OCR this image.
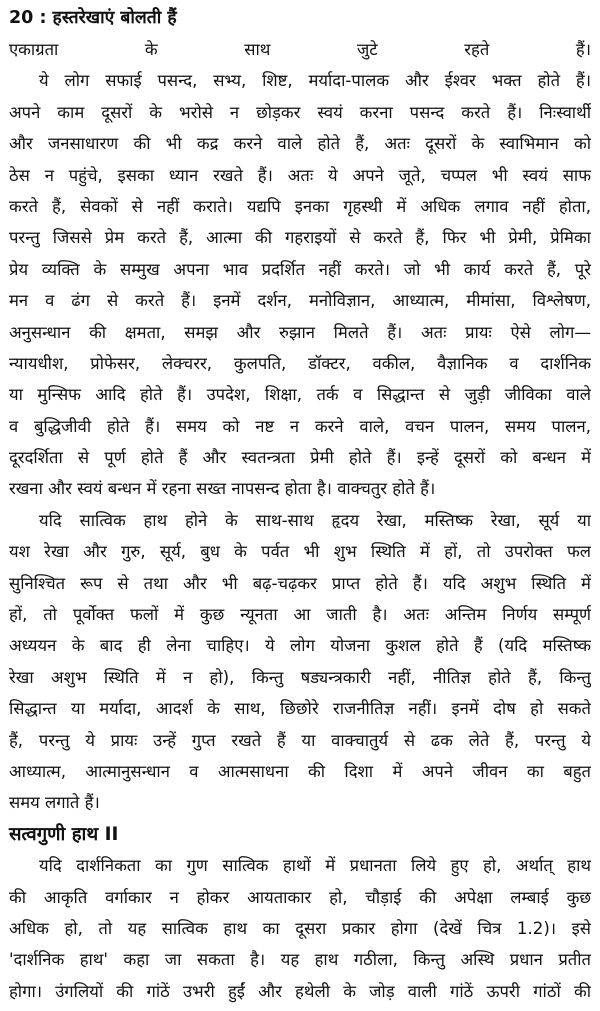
20 : हस्तरेखाएं बोलती हैं
एकाग्रता के साथ जुटे रहते हैं।
ये लोग सफाई पसन्द, सभ्य, शिष्ट, मर्यादा-पालक और ईश्वर भक्त होते हैं।
अपने काम दूसरों के भरोसे न छोड़कर स्वयं करना पसन्द करते हैं। निःस्वार्थी
और जनसाधारण की भी कद्र करने वाले होते हैं, अतः दूसरों के स्वाभिमान को
ठेस न पहुंचे, इसका ध्यान रखते हैं। अतः ये अपने जूते, चप्पल भी स्वयं साफ
करते हैं, सेवकों से नहीं कराते। यद्यपि इनका गृहस्थी में अधिक लगाव नहीं होता,
परन्तु जिससे प्रेम करते हैं, आत्मा की गहराइयों से करते हैं, फिर भी प्रेमी, प्रेमिका
प्रेय व्यक्ति के सम्मुख अपना भाव प्रदर्शित नहीं करते। जो भी कार्य करते हैं, पूरे
मन व ढंग से करते हैं। इनमें दर्शन, मनोविज्ञान, आध्यात्म, मीमांसा, विश्लेषण,
अनुसन्धान की क्षमता, समझ और रुझान मिलते हैं। अतः प्रायः ऐसे लोग—
न्यायधीश, प्रोफेसर, लेक्चरर, कुलपति, डॉक्टर, वकील, वैज्ञानिक व दार्शनिक
या मुन्सिफ आदि होते हैं। उपदेश, शिक्षा, तर्क व सिद्धान्त से जुड़ी जीविका वाले
व बुद्धिजीवी होते हैं। समय को नष्ट न करने वाले, वचन पालन, समय पालन,
दूरदर्शिता से पूर्ण होते हैं और स्वतन्त्रता प्रेमी होते हैं। इन्हें दूसरों को बन्धन में
रखना और स्वयं बन्धन में रहना सख्त नापसन्द होता है। वाक्चतुर होते हैं।
यदि सात्विक हाथ होने के साथ-साथ हृदय रेखा, मस्तिष्क रेखा, सूर्य या
यश रेखा और गुरु, सूर्य, बुध के पर्वत भी शुभ स्थिति में हों, तो उपरोक्त फल
सुनिश्चित रूप से तथा और भी बढ़-चढ़कर प्राप्त होते हैं। यदि अशुभ स्थिति में
हों, तो पूर्वोक्त फलों में कुछ न्यूनता आ जाती है। अतः अन्तिम निर्णय सम्पूर्ण
अध्ययन के बाद ही लेना चाहिए। ये लोग योजना कुशल होते हैं (यदि मस्तिष्क
रेखा अशुभ स्थिति में न हो), किन्तु षड्यन्त्रकारी नहीं, नीतिज्ञ होते हैं, किन्तु
सिद्धान्त या मर्यादा, आदर्श के साथ, छिछोरे राजनीतिज्ञ नहीं। इनमें दोष हो सकते
हैं, परन्तु ये प्रायः उन्हें गुप्त रखते हैं या वाक्चातुर्य से ढक लेते हैं, परन्तु ये
आध्यात्म, आत्मानुसन्धान व आत्मसाधना की दिशा में अपने जीवन का बहुत
समय लगाते हैं।
सत्वगुणी हाथ II
यदि दार्शनिकता का गुण सात्विक हाथों में प्रधानता लिये हुए हो, अर्थात् हाथ
की आकृति वर्गाकार न होकर आयताकार हो, चौड़ाई की अपेक्षा लम्बाई कुछ
अधिक हो, तो यह सात्विक हाथ का दूसरा प्रकार होगा (देखें चित्र 1.2)। इसे
'दार्शनिक हाथ' कहा जा सकता है। यह हाथ गठीला, किन्तु अस्थि प्रधान प्रतीत
होगा। उंगलियों की गांठें उभरी हुईं और हथेली के जोड़ वाली गांठें ऊपरी गांठों की
